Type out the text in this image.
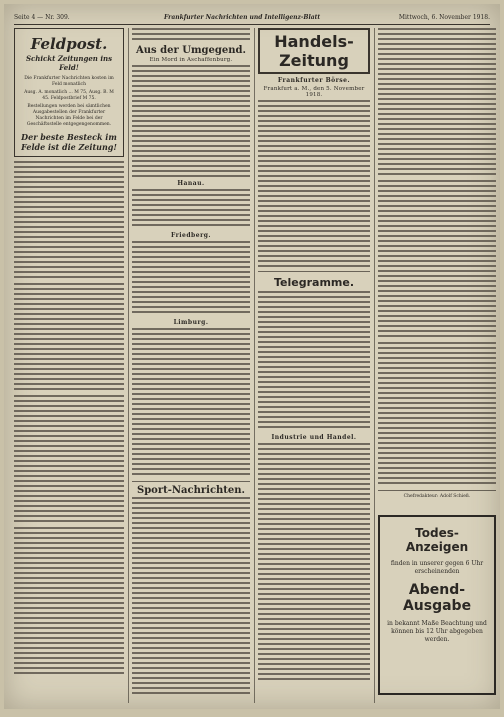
Seite 4 — Nr. 309.	Frankfurter Nachrichten und Intelligenz-Blatt	Mittwoch, 6. November 1918.
Feldpost.
Schickt Zeitungen ins Feld!
Die Frankfurter Nachrichten kosten im Feld monatlich
Ausg. A. monatlich ... M 75, Ausg. B. M 45. Feldpostbrief M 75.
Bestellungen werden bei sämtlichen Ausgabestellen der Frankfurter Nachrichten im Felde bei der Geschäftsstelle entgegengenommen.
Der beste Besteck im Felde ist die Zeitung!
Aus der Umgegend.
Ein Mord in Aschaffenburg.
Hanau.
Friedberg.
Limburg.
Sport-Nachrichten.
Handels-Zeitung
Frankfurter Börse.
Frankfurt a. M., den 5. November 1918.
Telegramme.
Industrie und Handel.
Chefredakteur: Adolf Schieß.
Todes-Anzeigen
finden in unserer gegen 6 Uhr erscheinenden
Abend-Ausgabe
in bekannt Maße Beachtung und können bis 12 Uhr abgegeben werden.
